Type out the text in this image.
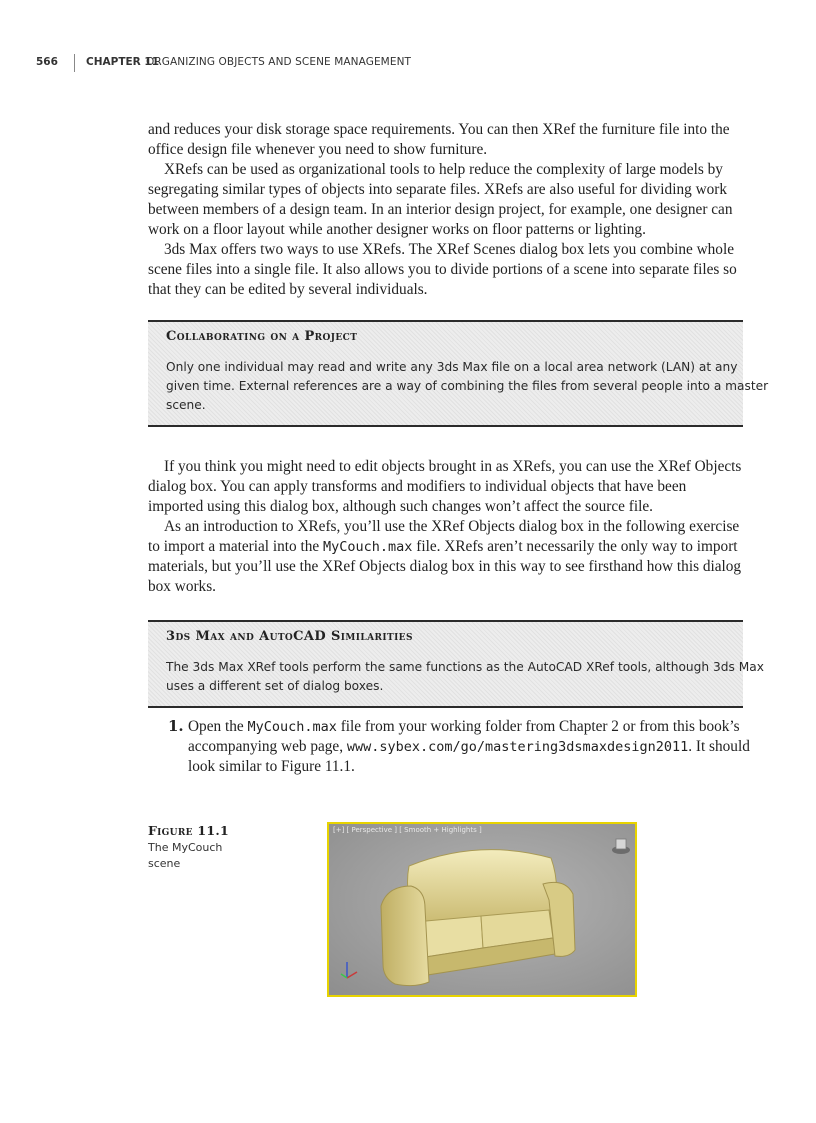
566	CHAPTER 11
ORGANIZING OBJECTS AND SCENE MANAGEMENT
and reduces your disk storage space requirements. You can then XRef the furniture file into the
office design file whenever you need to show furniture.
XRefs can be used as organizational tools to help reduce the complexity of large models by
segregating similar types of objects into separate files. XRefs are also useful for dividing work
between members of a design team. In an interior design project, for example, one designer can
work on a floor layout while another designer works on floor patterns or lighting.
3ds Max offers two ways to use XRefs. The XRef Scenes dialog box lets you combine whole
scene files into a single file. It also allows you to divide portions of a scene into separate files so
that they can be edited by several individuals.
Collaborating on a Project
Only one individual may read and write any 3ds Max file on a local area network (LAN) at any
given time. External references are a way of combining the files from several people into a master
scene.
If you think you might need to edit objects brought in as XRefs, you can use the XRef Objects
dialog box. You can apply transforms and modifiers to individual objects that have been
imported using this dialog box, although such changes won’t affect the source file.
As an introduction to XRefs, you’ll use the XRef Objects dialog box in the following exercise
to import a material into the MyCouch.max file. XRefs aren’t necessarily the only way to import
materials, but you’ll use the XRef Objects dialog box in this way to see firsthand how this dialog
box works.
3ds Max and AutoCAD Similarities
The 3ds Max XRef tools perform the same functions as the AutoCAD XRef tools, although 3ds Max
uses a different set of dialog boxes.
1. Open the MyCouch.max file from your working folder from Chapter 2 or from this book’s
accompanying web page, www.sybex.com/go/mastering3dsmaxdesign2011. It should
look similar to Figure 11.1.
Figure 11.1
The MyCouch
scene
[+] [ Perspective ] [ Smooth + Highlights ]
